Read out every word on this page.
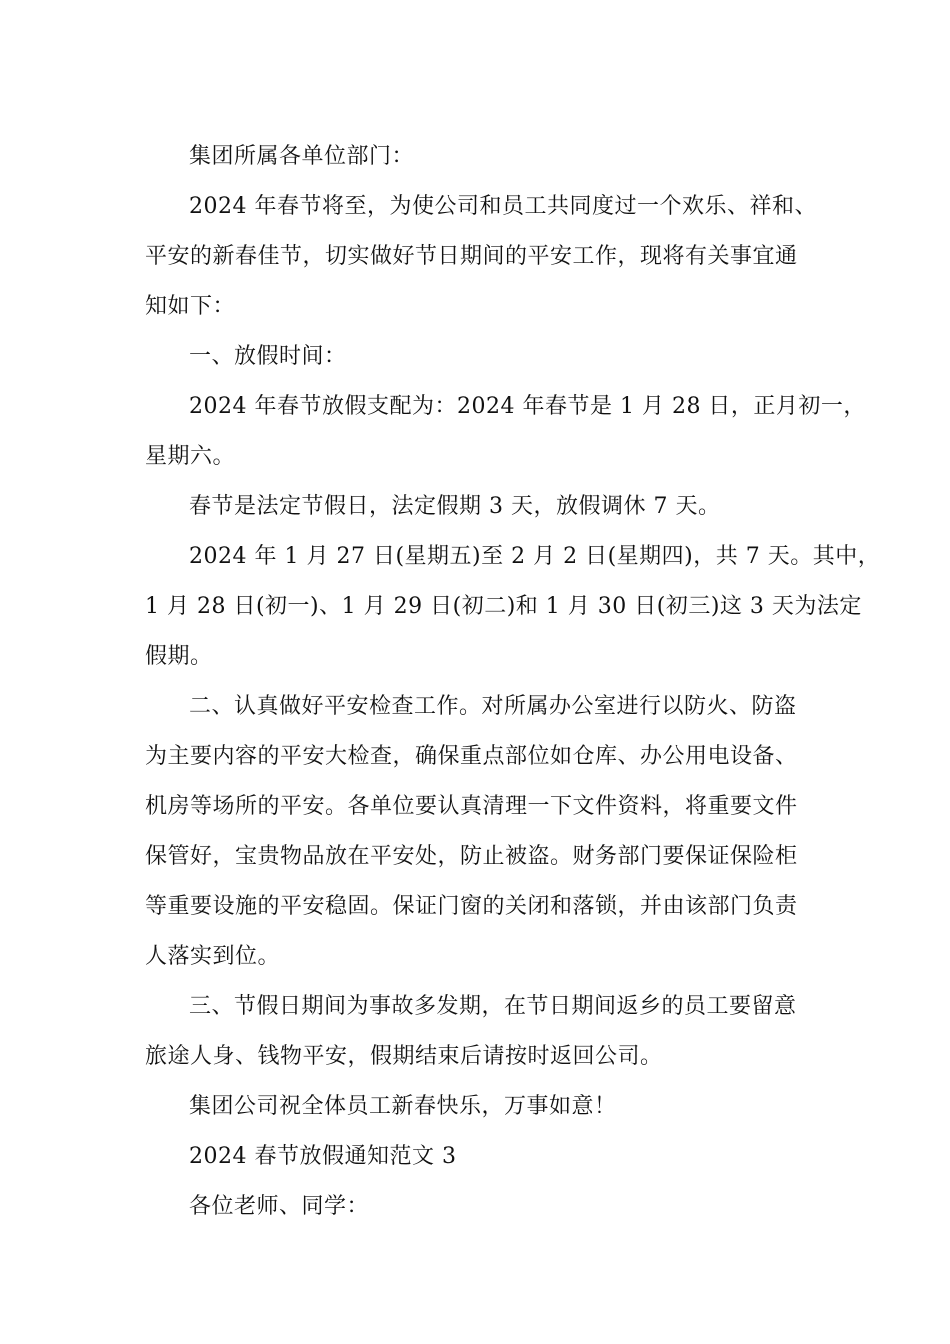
集团所属各单位部门：
2024 年春节将至，为使公司和员工共同度过一个欢乐、祥和、
平安的新春佳节，切实做好节日期间的平安工作，现将有关事宜通
知如下：
一、放假时间：
2024 年春节放假支配为：2024 年春节是 1 月 28 日，正月初一，
星期六。
春节是法定节假日，法定假期 3 天，放假调休 7 天。
2024 年 1 月 27 日(星期五)至 2 月 2 日(星期四)，共 7 天。其中，
1 月 28 日(初一)、1 月 29 日(初二)和 1 月 30 日(初三)这 3 天为法定
假期。
二、认真做好平安检查工作。对所属办公室进行以防火、防盗
为主要内容的平安大检查，确保重点部位如仓库、办公用电设备、
机房等场所的平安。各单位要认真清理一下文件资料，将重要文件
保管好，宝贵物品放在平安处，防止被盗。财务部门要保证保险柜
等重要设施的平安稳固。保证门窗的关闭和落锁，并由该部门负责
人落实到位。
三、节假日期间为事故多发期，在节日期间返乡的员工要留意
旅途人身、钱物平安，假期结束后请按时返回公司。
集团公司祝全体员工新春快乐，万事如意！
2024 春节放假通知范文 3
各位老师、同学：
